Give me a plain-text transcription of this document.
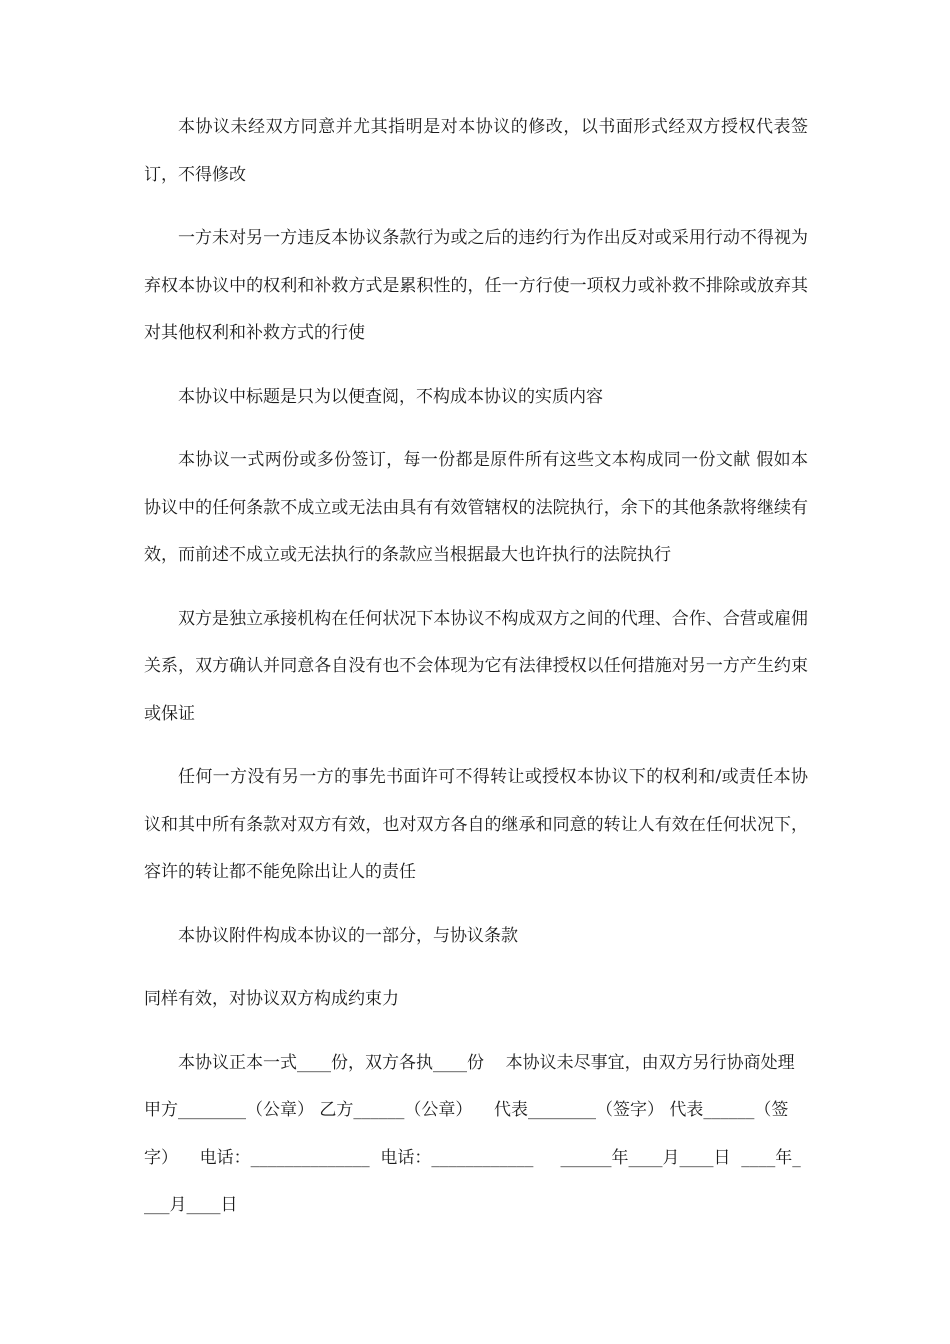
本协议未经双方同意并尤其指明是对本协议的修改，以书面形式经双方授权代表签订，不得修改

一方未对另一方违反本协议条款行为或之后的违约行为作出反对或采用行动不得视为弃权本协议中的权利和补救方式是累积性的，任一方行使一项权力或补救不排除或放弃其对其他权利和补救方式的行使

本协议中标题是只为以便查阅，不构成本协议的实质内容

本协议一式两份或多份签订，每一份都是原件所有这些文本构成同一份文献 假如本协议中的任何条款不成立或无法由具有有效管辖权的法院执行，余下的其他条款将继续有效，而前述不成立或无法执行的条款应当根据最大也许执行的法院执行

双方是独立承接机构在任何状况下本协议不构成双方之间的代理、合作、合营或雇佣关系，双方确认并同意各自没有也不会体现为它有法律授权以任何措施对另一方产生约束或保证

任何一方没有另一方的事先书面许可不得转让或授权本协议下的权利和/或责任本协议和其中所有条款对双方有效，也对双方各自的继承和同意的转让人有效在任何状况下，容许的转让都不能免除出让人的责任

本协议附件构成本协议的一部分，与协议条款

同样有效，对协议双方构成约束力

本协议正本一式____份，双方各执____份    本协议未尽事宜，由双方另行协商处理    甲方________（公章） 乙方______（公章）    代表________（签字） 代表______（签字）    电话：______________  电话：____________     ______年____月____日  ____年____月____日
